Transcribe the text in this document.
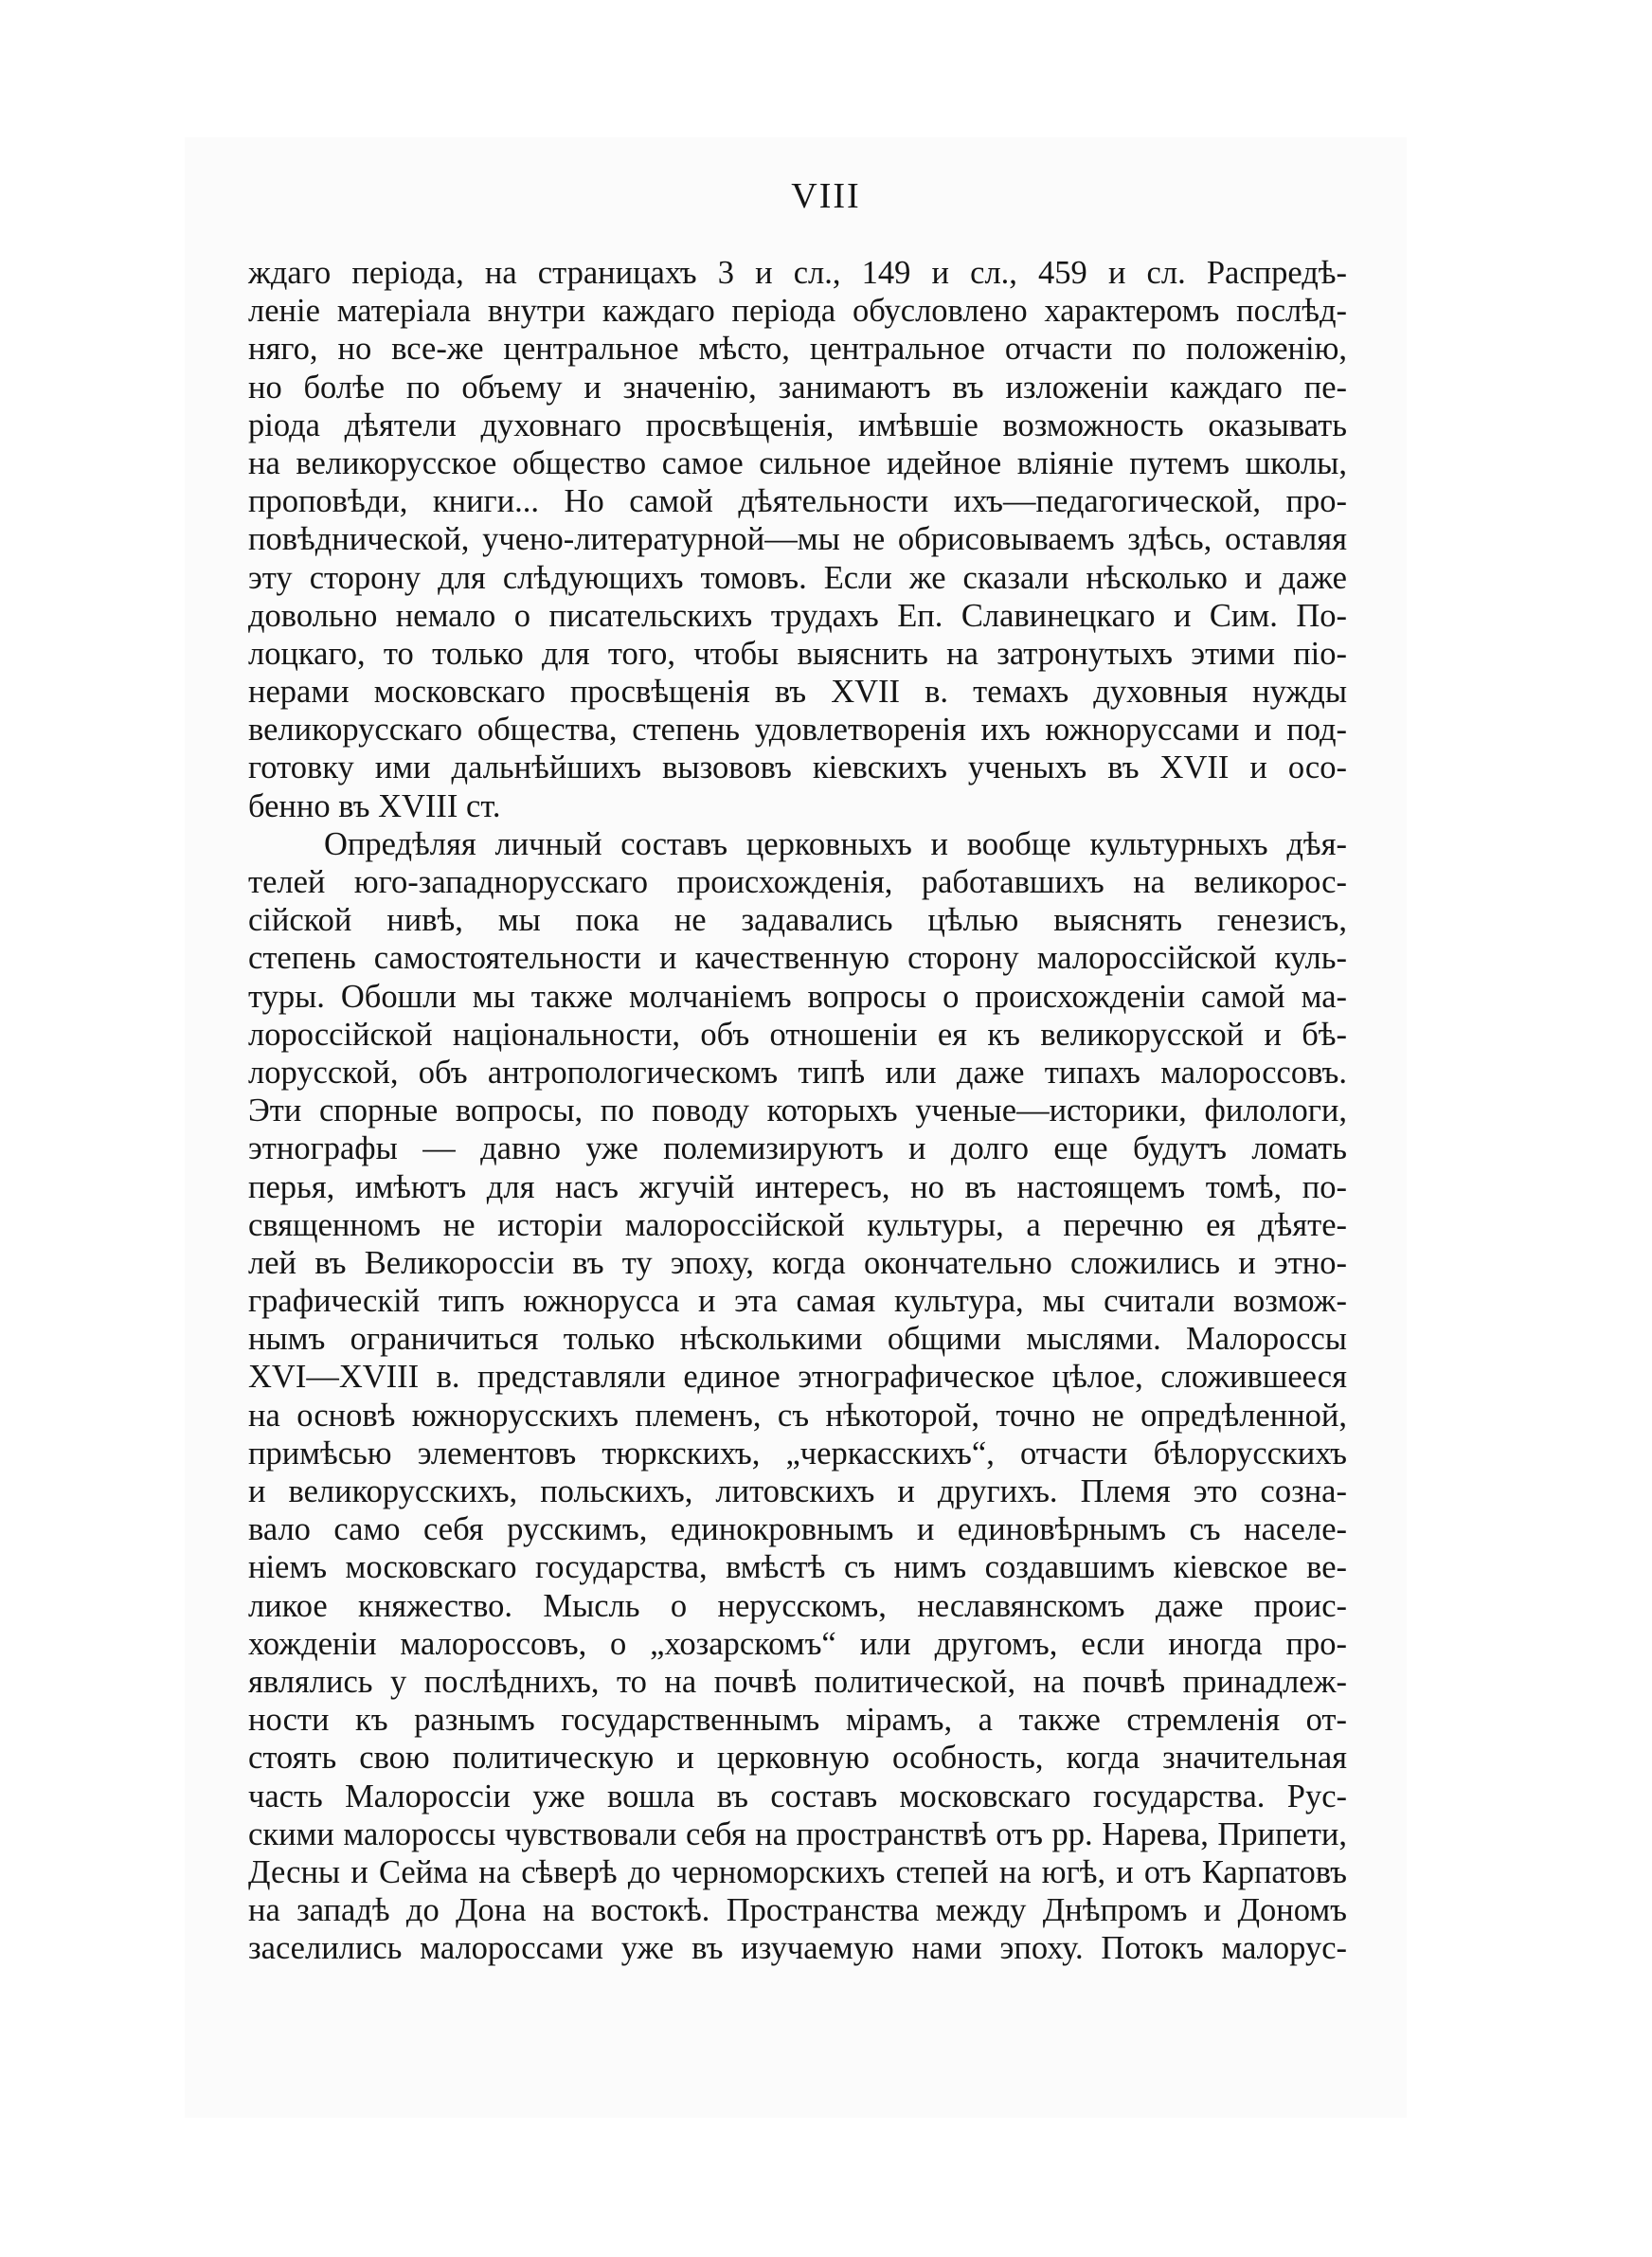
VIII
ждаго періода, на страницахъ 3 и сл., 149 и сл., 459 и сл. Распредѣ-
леніе матеріала внутри каждаго періода обусловлено характеромъ послѣд-
няго, но все-же центральное мѣсто, центральное отчасти по положенію,
но болѣе по объему и значенію, занимаютъ въ изложеніи каждаго пе-
ріода дѣятели духовнаго просвѣщенія, имѣвшіе возможность оказывать
на великорусское общество самое сильное идейное вліяніе путемъ школы,
проповѣди, книги... Но самой дѣятельности ихъ—педагогической, про-
повѣднической, учено-литературной—мы не обрисовываемъ здѣсь, оставляя
эту сторону для слѣдующихъ томовъ. Если же сказали нѣсколько и даже
довольно немало о писательскихъ трудахъ Еп. Славинецкаго и Сим. По-
лоцкаго, то только для того, чтобы выяснить на затронутыхъ этими піо-
нерами московскаго просвѣщенія въ XVII в. темахъ духовныя нужды
великорусскаго общества, степень удовлетворенія ихъ южнорусcами и под-
готовку ими дальнѣйшихъ вызововъ кіевскихъ ученыхъ въ XVII и осо-
бенно въ XVIII ст.
Опредѣляя личный составъ церковныхъ и вообще культурныхъ дѣя-
телей юго-западнорусскаго происхожденія, работавшихъ на великорос-
сійской нивѣ, мы пока не задавались цѣлью выяснять генезисъ,
степень самостоятельности и качественную сторону малороссійской куль-
туры. Обошли мы также молчаніемъ вопросы о происхожденіи самой ма-
лороссійской національности, объ отношеніи ея къ великорусской и бѣ-
лорусской, объ антропологическомъ типѣ или даже типахъ малороссовъ.
Эти спорные вопросы, по поводу которыхъ ученые—историки, филологи,
этнографы — давно уже полемизируютъ и долго еще будутъ ломать
перья, имѣютъ для насъ жгучій интересъ, но въ настоящемъ томѣ, по-
священномъ не исторіи малороссійской культуры, а перечню ея дѣяте-
лей въ Великороссіи въ ту эпоху, когда окончательно сложились и этно-
графическій типъ южнорусса и эта самая культура, мы считали возмож-
нымъ ограничиться только нѣсколькими общими мыслями. Малороссы
XVI—XVIII в. представляли единое этнографическое цѣлое, сложившееся
на основѣ южнорусскихъ племенъ, съ нѣкоторой, точно не опредѣленной,
примѣсью элементовъ тюркскихъ, „черкасскихъ“, отчасти бѣлорусскихъ
и великорусскихъ, польскихъ, литовскихъ и другихъ. Племя это созна-
вало само себя русскимъ, единокровнымъ и единовѣрнымъ съ населе-
ніемъ московскаго государства, вмѣстѣ съ нимъ создавшимъ кіевское ве-
ликое княжество. Мысль о нерусскомъ, неславянскомъ даже проис-
хожденіи малороссовъ, о „хозарскомъ“ или другомъ, если иногда про-
являлись у послѣднихъ, то на почвѣ политической, на почвѣ принадлеж-
ности къ разнымъ государственнымъ мірамъ, а также стремленія от-
стоять свою политическую и церковную особность, когда значительная
часть Малороссіи уже вошла въ составъ московскаго государства. Рус-
скими малороссы чувствовали себя на пространствѣ отъ рр. Нарева, Припети,
Десны и Сейма на сѣверѣ до черноморскихъ степей на югѣ, и отъ Карпатовъ
на западѣ до Дона на востокѣ. Пространства между Днѣпромъ и Дономъ
заселились малороссами уже въ изучаемую нами эпоху. Потокъ малорус-
